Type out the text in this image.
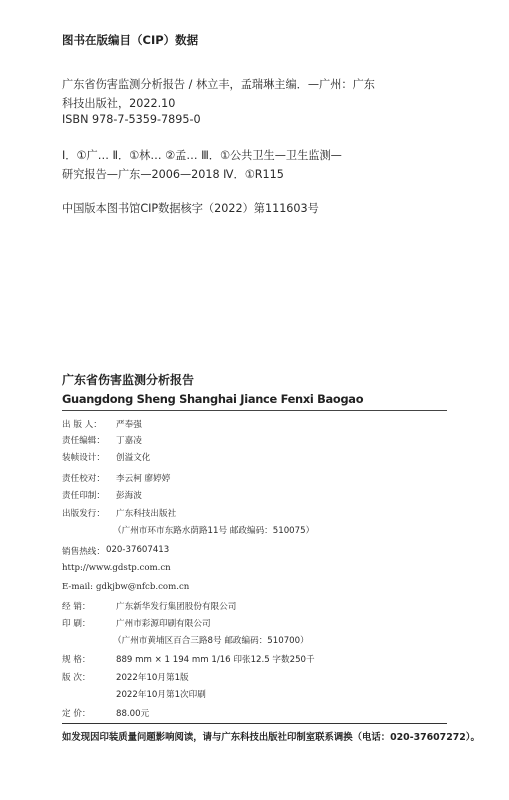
图书在版编目（CIP）数据
广东省伤害监测分析报告 / 林立丰，孟瑞琳主编．—广州：广东
科技出版社，2022.10
ISBN 978-7-5359-7895-0
Ⅰ．①广… Ⅱ．①林… ②孟… Ⅲ．①公共卫生—卫生监测—
研究报告—广东—2006—2018 Ⅳ．①R115
中国版本图书馆CIP数据核字（2022）第111603号
广东省伤害监测分析报告
Guangdong Sheng Shanghai Jiance Fenxi Baogao
出 版 人： 严奉强
责任编辑： 丁嘉凌
装帧设计： 创溢文化
责任校对： 李云柯 廖婷婷
责任印制： 彭海波
出版发行： 广东科技出版社
（广州市环市东路水荫路11号 邮政编码：510075）
销售热线： 020-37607413
http://www.gdstp.com.cn
E-mail: gdkjbw@nfcb.com.cn
经 销：	广东新华发行集团股份有限公司
印 刷：	广州市彩源印刷有限公司
（广州市黄埔区百合三路8号 邮政编码：510700）
规 格：	889 mm × 1 194 mm 1/16 印张12.5 字数250千
版 次：	2022年10月第1版
2022年10月第1次印刷
定 价：	88.00元
如发现因印装质量问题影响阅读，请与广东科技出版社印制室联系调换（电话：020-37607272）。
